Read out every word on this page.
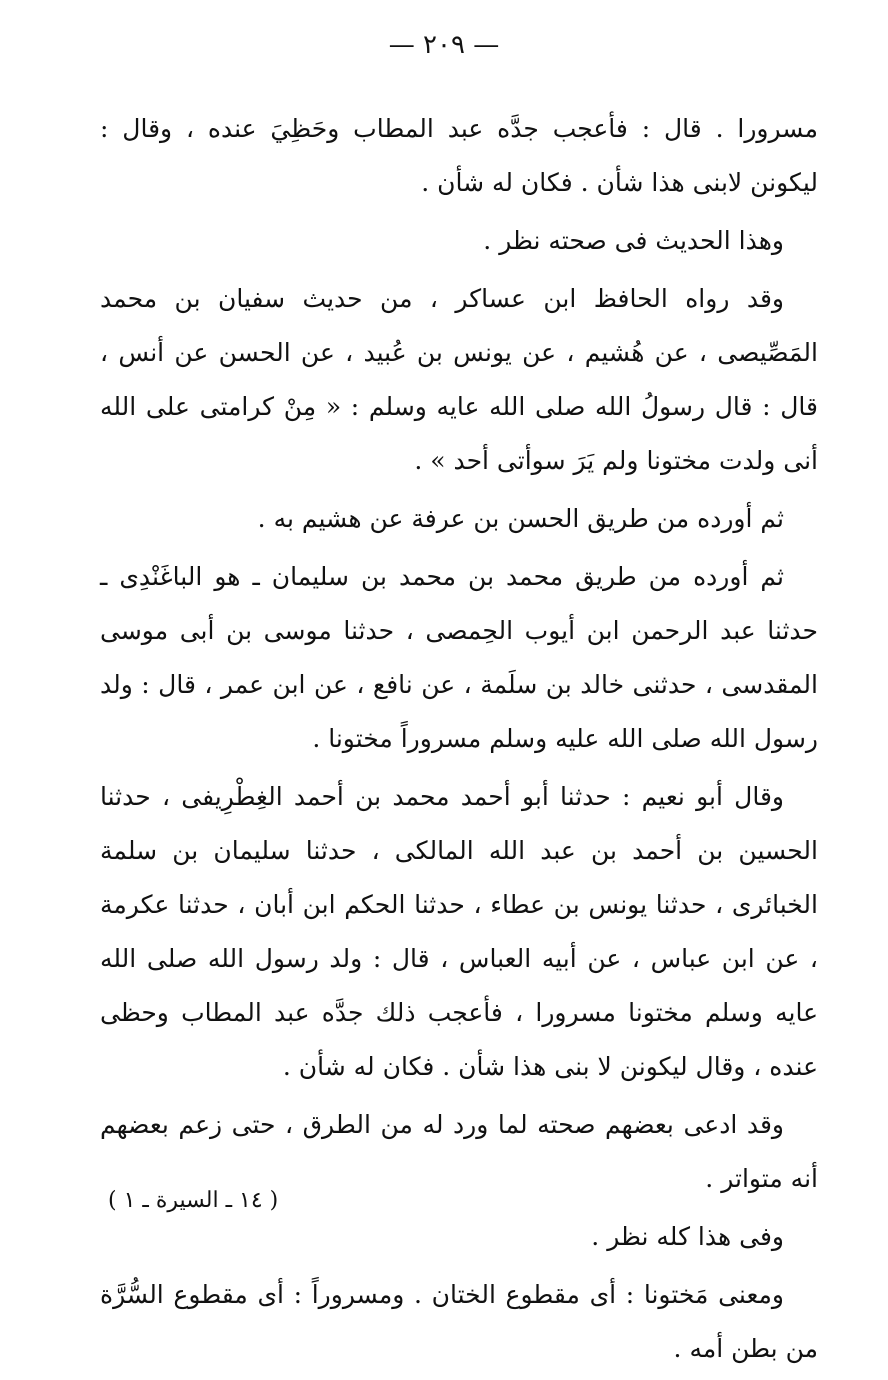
— ٢٠٩ —

مسرورا . قال : فأعجب جدَّه عبد المطاب وحَظِيَ عنده ، وقال : ليكونن لابنى هذا شأن . فكان له شأن .

وهذا الحديث فى صحته نظر .

وقد رواه الحافظ ابن عساكر ، من حديث سفيان بن محمد المَصِّيصى ، عن هُشيم ، عن يونس بن عُبيد ، عن الحسن عن أنس ، قال : قال رسولُ الله صلى الله عايه وسلم : « مِنْ كرامتى على الله أنى ولدت مختونا ولم يَرَ سوأتى أحد » .

ثم أورده من طريق الحسن بن عرفة عن هشيم به .

ثم أورده من طريق محمد بن محمد بن سليمان ـ هو الباغَنْدِى ـ حدثنا عبد الرحمن ابن أيوب الحِمصى ، حدثنا موسى بن أبى موسى المقدسى ، حدثنى خالد بن سلَمة ، عن نافع ، عن ابن عمر ، قال : ولد رسول الله صلى الله عليه وسلم مسروراً مختونا .

وقال أبو نعيم : حدثنا أبو أحمد محمد بن أحمد الغِطْرِيفى ، حدثنا الحسين بن أحمد بن عبد الله المالكى ، حدثنا سليمان بن سلمة الخبائرى ، حدثنا يونس بن عطاء ، حدثنا الحكم ابن أبان ، حدثنا عكرمة ، عن ابن عباس ، عن أبيه العباس ، قال : ولد رسول الله صلى الله عايه وسلم مختونا مسرورا ، فأعجب ذلك جدَّه عبد المطاب وحظى عنده ، وقال ليكونن لا بنى هذا شأن . فكان له شأن .

وقد ادعى بعضهم صحته لما ورد له من الطرق ، حتى زعم بعضهم أنه متواتر .

وفى هذا كله نظر .

ومعنى مَختونا : أى مقطوع الختان . ومسروراً : أى مقطوع السُّرَّة من بطن أمه .

( ١٤ ـ السيرة ـ ١ )
